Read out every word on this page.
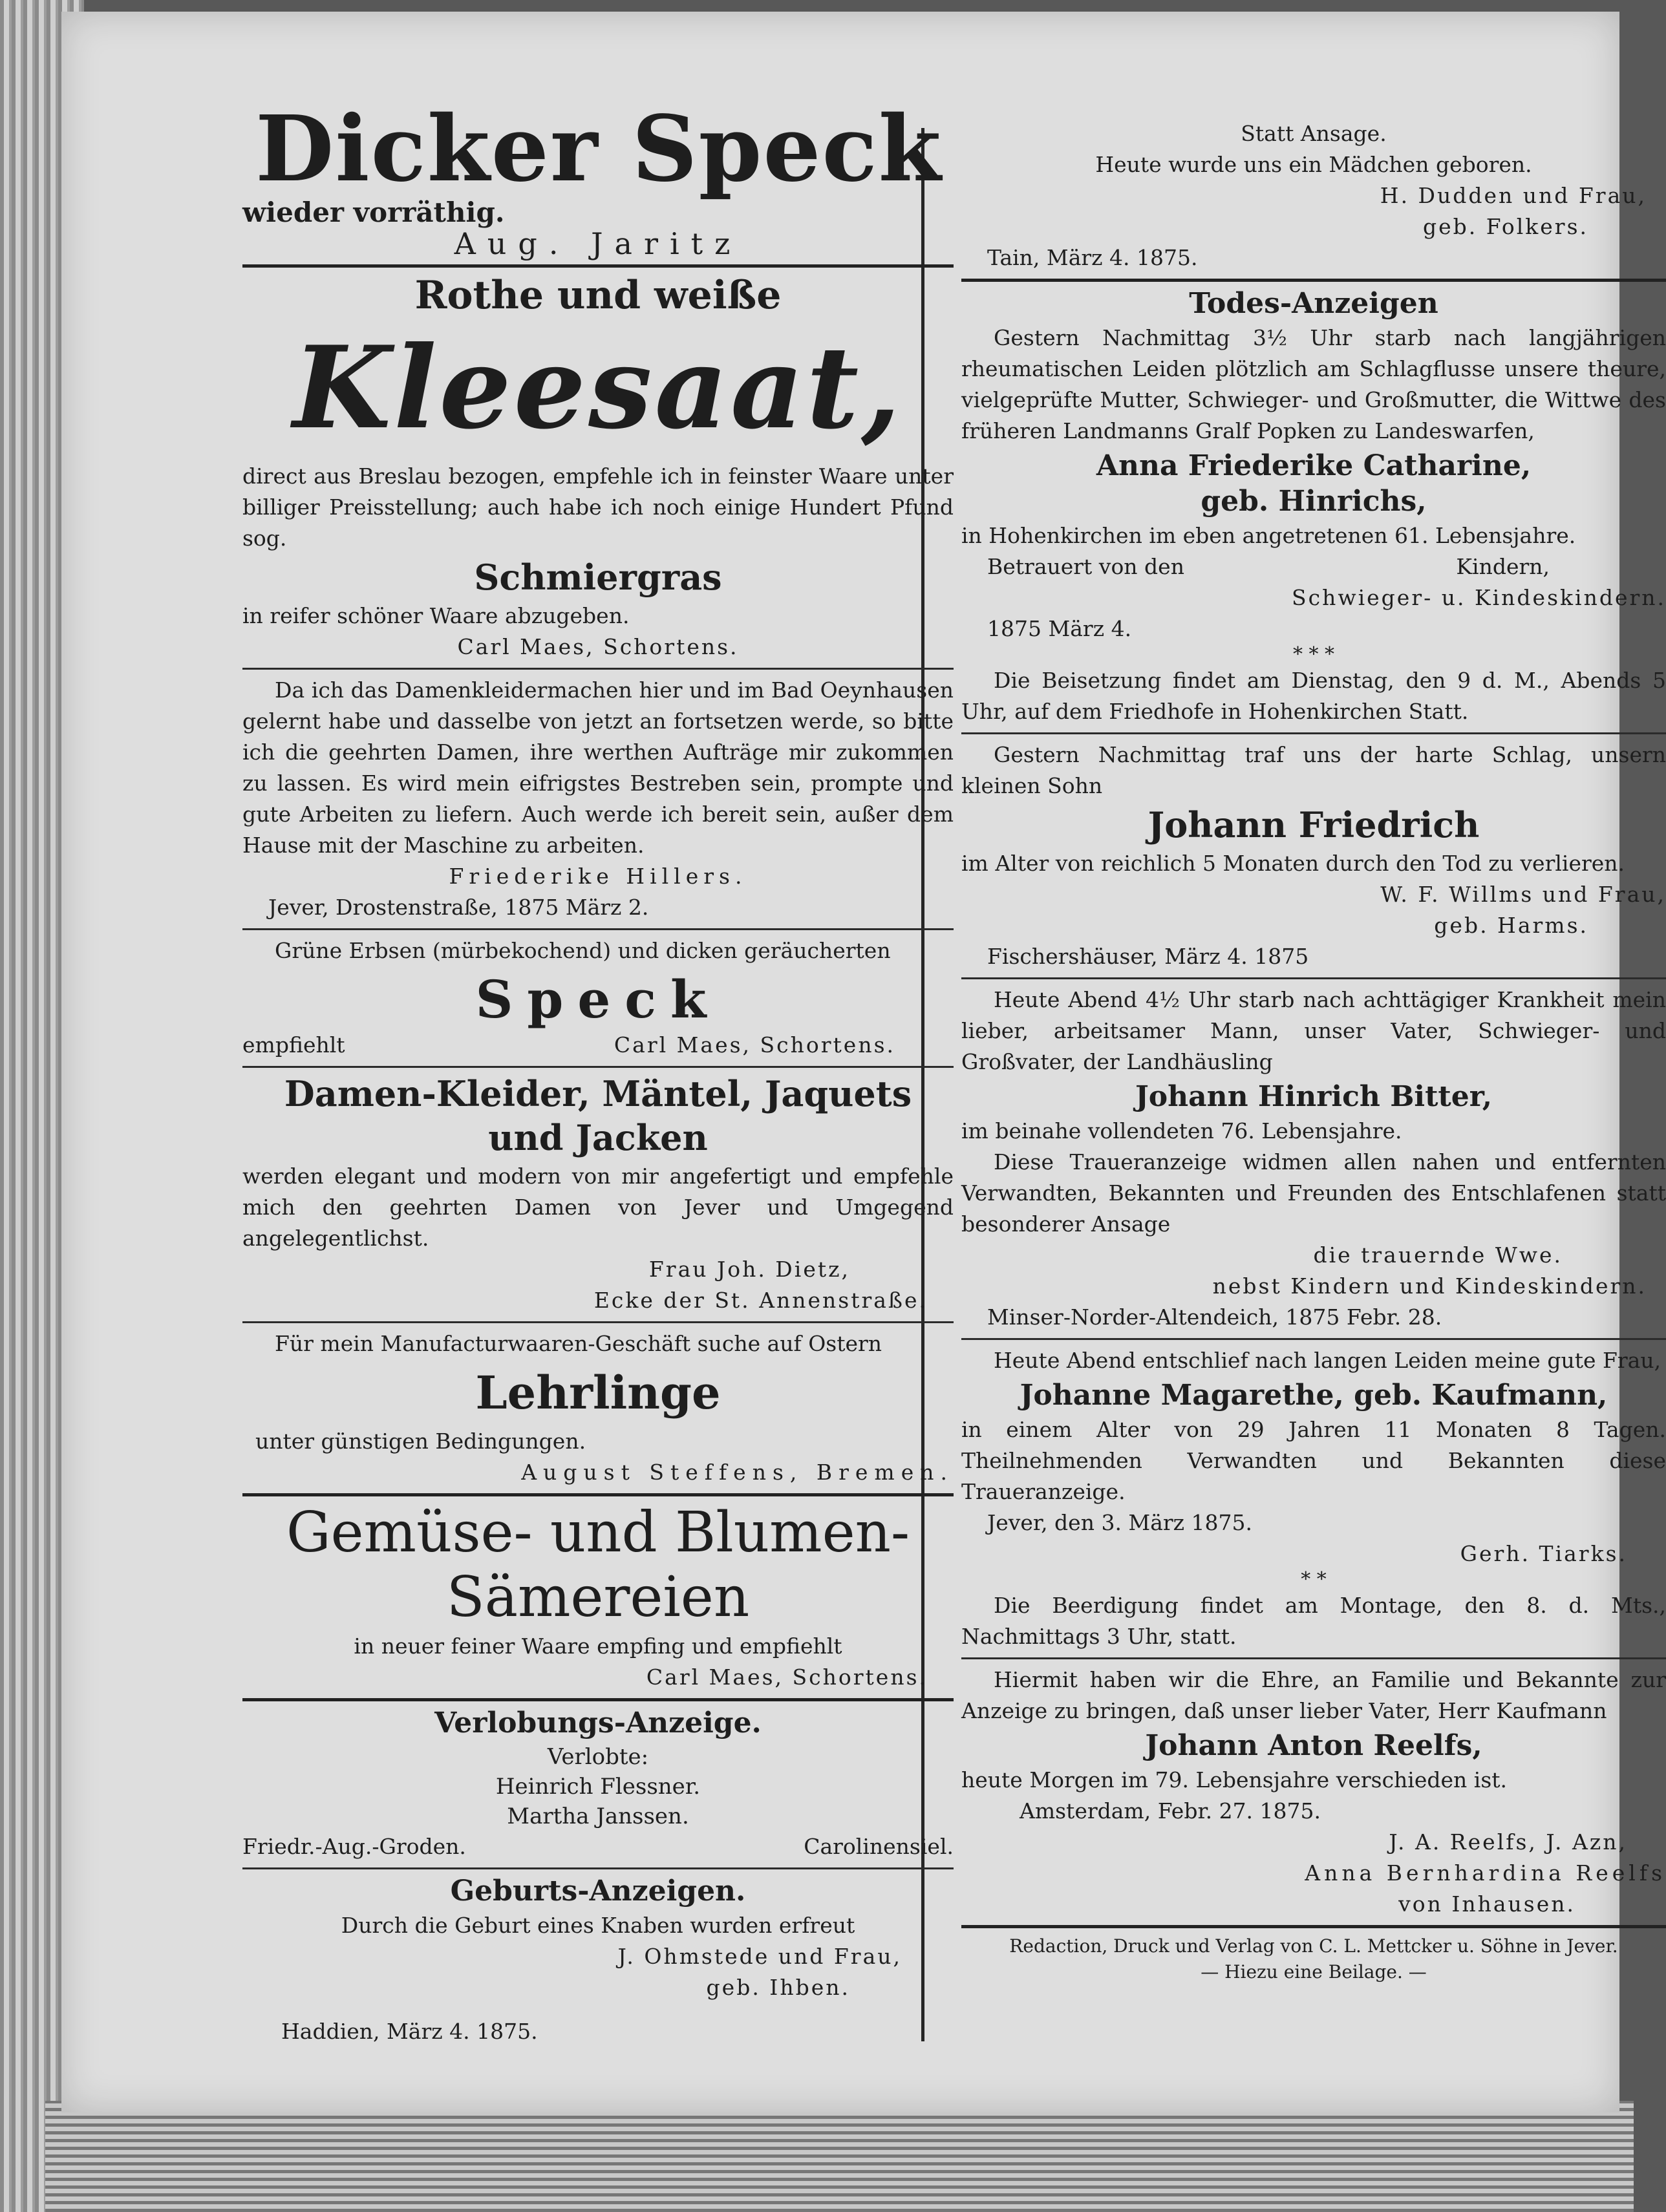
Dicker Speck

wieder vorräthig.

Aug. Jaritz

Rothe und weiße
Kleesaat,

direct aus Breslau bezogen, empfehle ich in feinster Waare unter billiger Preisstellung; auch habe ich noch einige Hundert Pfund sog.

Schmiergras

in reifer schöner Waare abzugeben.

Carl Maes, Schortens.

Da ich das Damenkleidermachen hier und im Bad Oeynhausen gelernt habe und dasselbe von jetzt an fortsetzen werde, so bitte ich die geehrten Damen, ihre werthen Aufträge mir zukommen zu lassen. Es wird mein eifrigstes Bestreben sein, prompte und gute Arbeiten zu liefern. Auch werde ich bereit sein, außer dem Hause mit der Maschine zu arbeiten.

Friederike Hillers.

Jever, Drostenstraße, 1875 März 2.

Grüne Erbsen (mürbekochend) und dicken geräucherten

Speck
empfiehlt	Carl Maes, Schortens.
Damen-Kleider, Mäntel, Jaquets
und Jacken

werden elegant und modern von mir angefertigt und empfehle mich den geehrten Damen von Jever und Umgegend angelegentlichst.

Frau Joh. Dietz,

Ecke der St. Annenstraße.

Für mein Manufacturwaaren-Geschäft suche auf Ostern

Lehrlinge

unter günstigen Bedingungen.

August Steffens, Bremen.

Gemüse- und Blumen-
Sämereien

in neuer feiner Waare empfing und empfiehlt

Carl Maes, Schortens.

Verlobungs-Anzeige.

Verlobte:

Heinrich Flessner.

Martha Janssen.

Friedr.-Aug.-Groden.	Carolinensiel.
Geburts-Anzeigen.

Durch die Geburt eines Knaben wurden erfreut

J. Ohmstede und Frau,

geb. Ihben.

Haddien, März 4. 1875.

Statt Ansage.

Heute wurde uns ein Mädchen geboren.

H. Dudden und Frau,

geb. Folkers.

Tain, März 4. 1875.

Todes-Anzeigen

Gestern Nachmittag 3½ Uhr starb nach langjährigen rheumatischen Leiden plötzlich am Schlagflusse unsere theure, vielgeprüfte Mutter, Schwieger- und Großmutter, die Wittwe des früheren Landmanns Gralf Popken zu Landeswarfen,

Anna Friederike Catharine,
geb. Hinrichs,

in Hohenkirchen im eben angetretenen 61. Lebensjahre.

Betrauert von den	Kindern,

Schwieger- u. Kindeskindern.

1875 März 4.

* * *

Die Beisetzung findet am Dienstag, den 9 d. M., Abends 5 Uhr, auf dem Friedhofe in Hohenkirchen Statt.

Gestern Nachmittag traf uns der harte Schlag, unsern kleinen Sohn

Johann Friedrich

im Alter von reichlich 5 Monaten durch den Tod zu verlieren.

W. F. Willms und Frau,

geb. Harms.

Fischershäuser, März 4. 1875

Heute Abend 4½ Uhr starb nach achttägiger Krankheit mein lieber, arbeitsamer Mann, unser Vater, Schwieger- und Großvater, der Landhäusling

Johann Hinrich Bitter,

im beinahe vollendeten 76. Lebensjahre.

Diese Traueranzeige widmen allen nahen und entfernten Verwandten, Bekannten und Freunden des Entschlafenen statt besonderer Ansage

die trauernde Wwe.

nebst Kindern und Kindeskindern.

Minser-Norder-Altendeich, 1875 Febr. 28.

Heute Abend entschlief nach langen Leiden meine gute Frau,

Johanne Magarethe, geb. Kaufmann,

in einem Alter von 29 Jahren 11 Monaten 8 Tagen. Theilnehmenden Verwandten und Bekannten diese Traueranzeige.

Jever, den 3. März 1875.

Gerh. Tiarks.

* *

Die Beerdigung findet am Montage, den 8. d. Mts., Nachmittags 3 Uhr, statt.

Hiermit haben wir die Ehre, an Familie und Bekannte zur Anzeige zu bringen, daß unser lieber Vater, Herr Kaufmann

Johann Anton Reelfs,

heute Morgen im 79. Lebensjahre verschieden ist.

Amsterdam, Febr. 27. 1875.

J. A. Reelfs, J. Azn,

Anna Bernhardina Reelfs

von Inhausen.

Redaction, Druck und Verlag von C. L. Mettcker u. Söhne in Jever.
— Hiezu eine Beilage. —
